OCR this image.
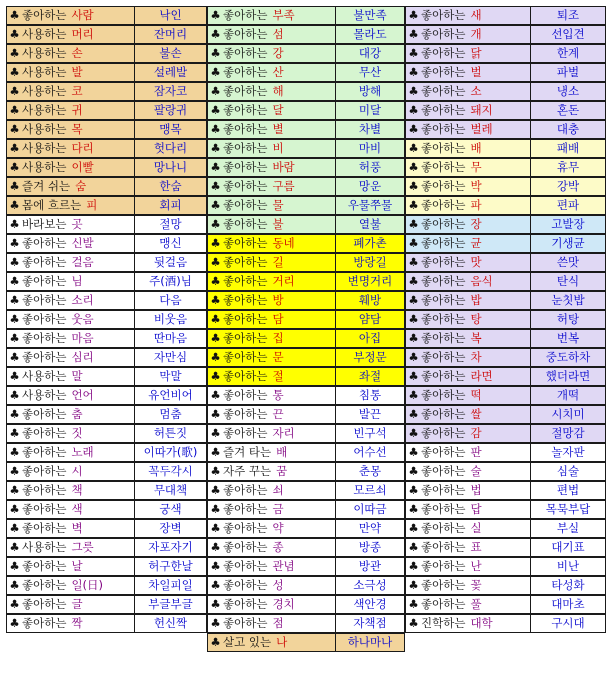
♣ 좋아하는 사람	낙인
♣ 사용하는 머리	잔머리
♣ 사용하는 손	불손
♣ 사용하는 발	설레발
♣ 사용하는 코	잠자코
♣ 사용하는 귀	팔랑귀
♣ 사용하는 목	맹목
♣ 사용하는 다리	헛다리
♣ 사용하는 이빨	망나니
♣ 즐겨 쉬는 숨	한숨
♣ 몸에 흐르는 피	회피
♣ 바라보는 곳	절망
♣ 좋아하는 신발	맹신
♣ 좋아하는 걸음	뒷걸음
♣ 좋아하는 님	주(酒)님
♣ 좋아하는 소리	다음
♣ 좋아하는 웃음	비웃음
♣ 좋아하는 마음	딴마음
♣ 좋아하는 심리	자만심
♣ 사용하는 말	막말
♣ 사용하는 언어	유언비어
♣ 좋아하는 춤	멈춤
♣ 좋아하는 짓	허튼짓
♣ 좋아하는 노래	이따가(歌)
♣ 좋아하는 시	꼭두각시
♣ 좋아하는 책	무대책
♣ 좋아하는 색	궁색
♣ 좋아하는 벽	장벽
♣ 사용하는 그릇	자포자기
♣ 좋아하는 날	허구한날
♣ 좋아하는 일(日)	차일피일
♣ 좋아하는 글	부글부글
♣ 좋아하는 짝	헌신짝
♣ 좋아하는 부족	불만족
♣ 좋아하는 섬	몰라도
♣ 좋아하는 강	대강
♣ 좋아하는 산	무산
♣ 좋아하는 해	방해
♣ 좋아하는 달	미달
♣ 좋아하는 별	차별
♣ 좋아하는 비	마비
♣ 좋아하는 바람	허풍
♣ 좋아하는 구름	망운
♣ 좋아하는 물	우물쭈물
♣ 좋아하는 불	열불
♣ 좋아하는 동네	폐가촌
♣ 좋아하는 길	방랑길
♣ 좋아하는 거리	변명거리
♣ 좋아하는 방	훼방
♣ 좋아하는 담	얌담
♣ 좋아하는 집	아집
♣ 좋아하는 문	부정문
♣ 좋아하는 절	좌절
♣ 좋아하는 통	침통
♣ 좋아하는 끈	발끈
♣ 좋아하는 자리	빈구석
♣ 즐겨 타는 배	어수선
♣ 자주 꾸는 꿈	춘몽
♣ 좋아하는 쇠	모르쇠
♣ 좋아하는 금	이따금
♣ 좋아하는 약	만약
♣ 좋아하는 종	방종
♣ 좋아하는 관념	방관
♣ 좋아하는 성	소극성
♣ 좋아하는 경치	색안경
♣ 좋아하는 점	자책점
♣ 살고 있는 나	하나마나
♣ 좋아하는 새	퇴조
♣ 좋아하는 개	선입견
♣ 좋아하는 닭	한계
♣ 좋아하는 벌	파벌
♣ 좋아하는 소	냉소
♣ 좋아하는 돼지	혼돈
♣ 좋아하는 벌레	대충
♣ 좋아하는 배	패배
♣ 좋아하는 무	휴무
♣ 좋아하는 박	강박
♣ 좋아하는 파	편파
♣ 좋아하는 장	고발장
♣ 좋아하는 균	기생균
♣ 좋아하는 맛	쓴맛
♣ 좋아하는 음식	탄식
♣ 좋아하는 밥	눈칫밥
♣ 좋아하는 탕	허탕
♣ 좋아하는 복	번복
♣ 좋아하는 차	중도하차
♣ 좋아하는 라면	했더라면
♣ 좋아하는 떡	개떡
♣ 좋아하는 쌀	시치미
♣ 좋아하는 감	절망감
♣ 좋아하는 판	놀자판
♣ 좋아하는 술	심술
♣ 좋아하는 법	편법
♣ 좋아하는 답	목묵부답
♣ 좋아하는 실	부실
♣ 좋아하는 표	대기표
♣ 좋아하는 난	비난
♣ 좋아하는 꽃	타성화
♣ 좋아하는 풀	대마초
♣ 진학하는 대학	구시대
